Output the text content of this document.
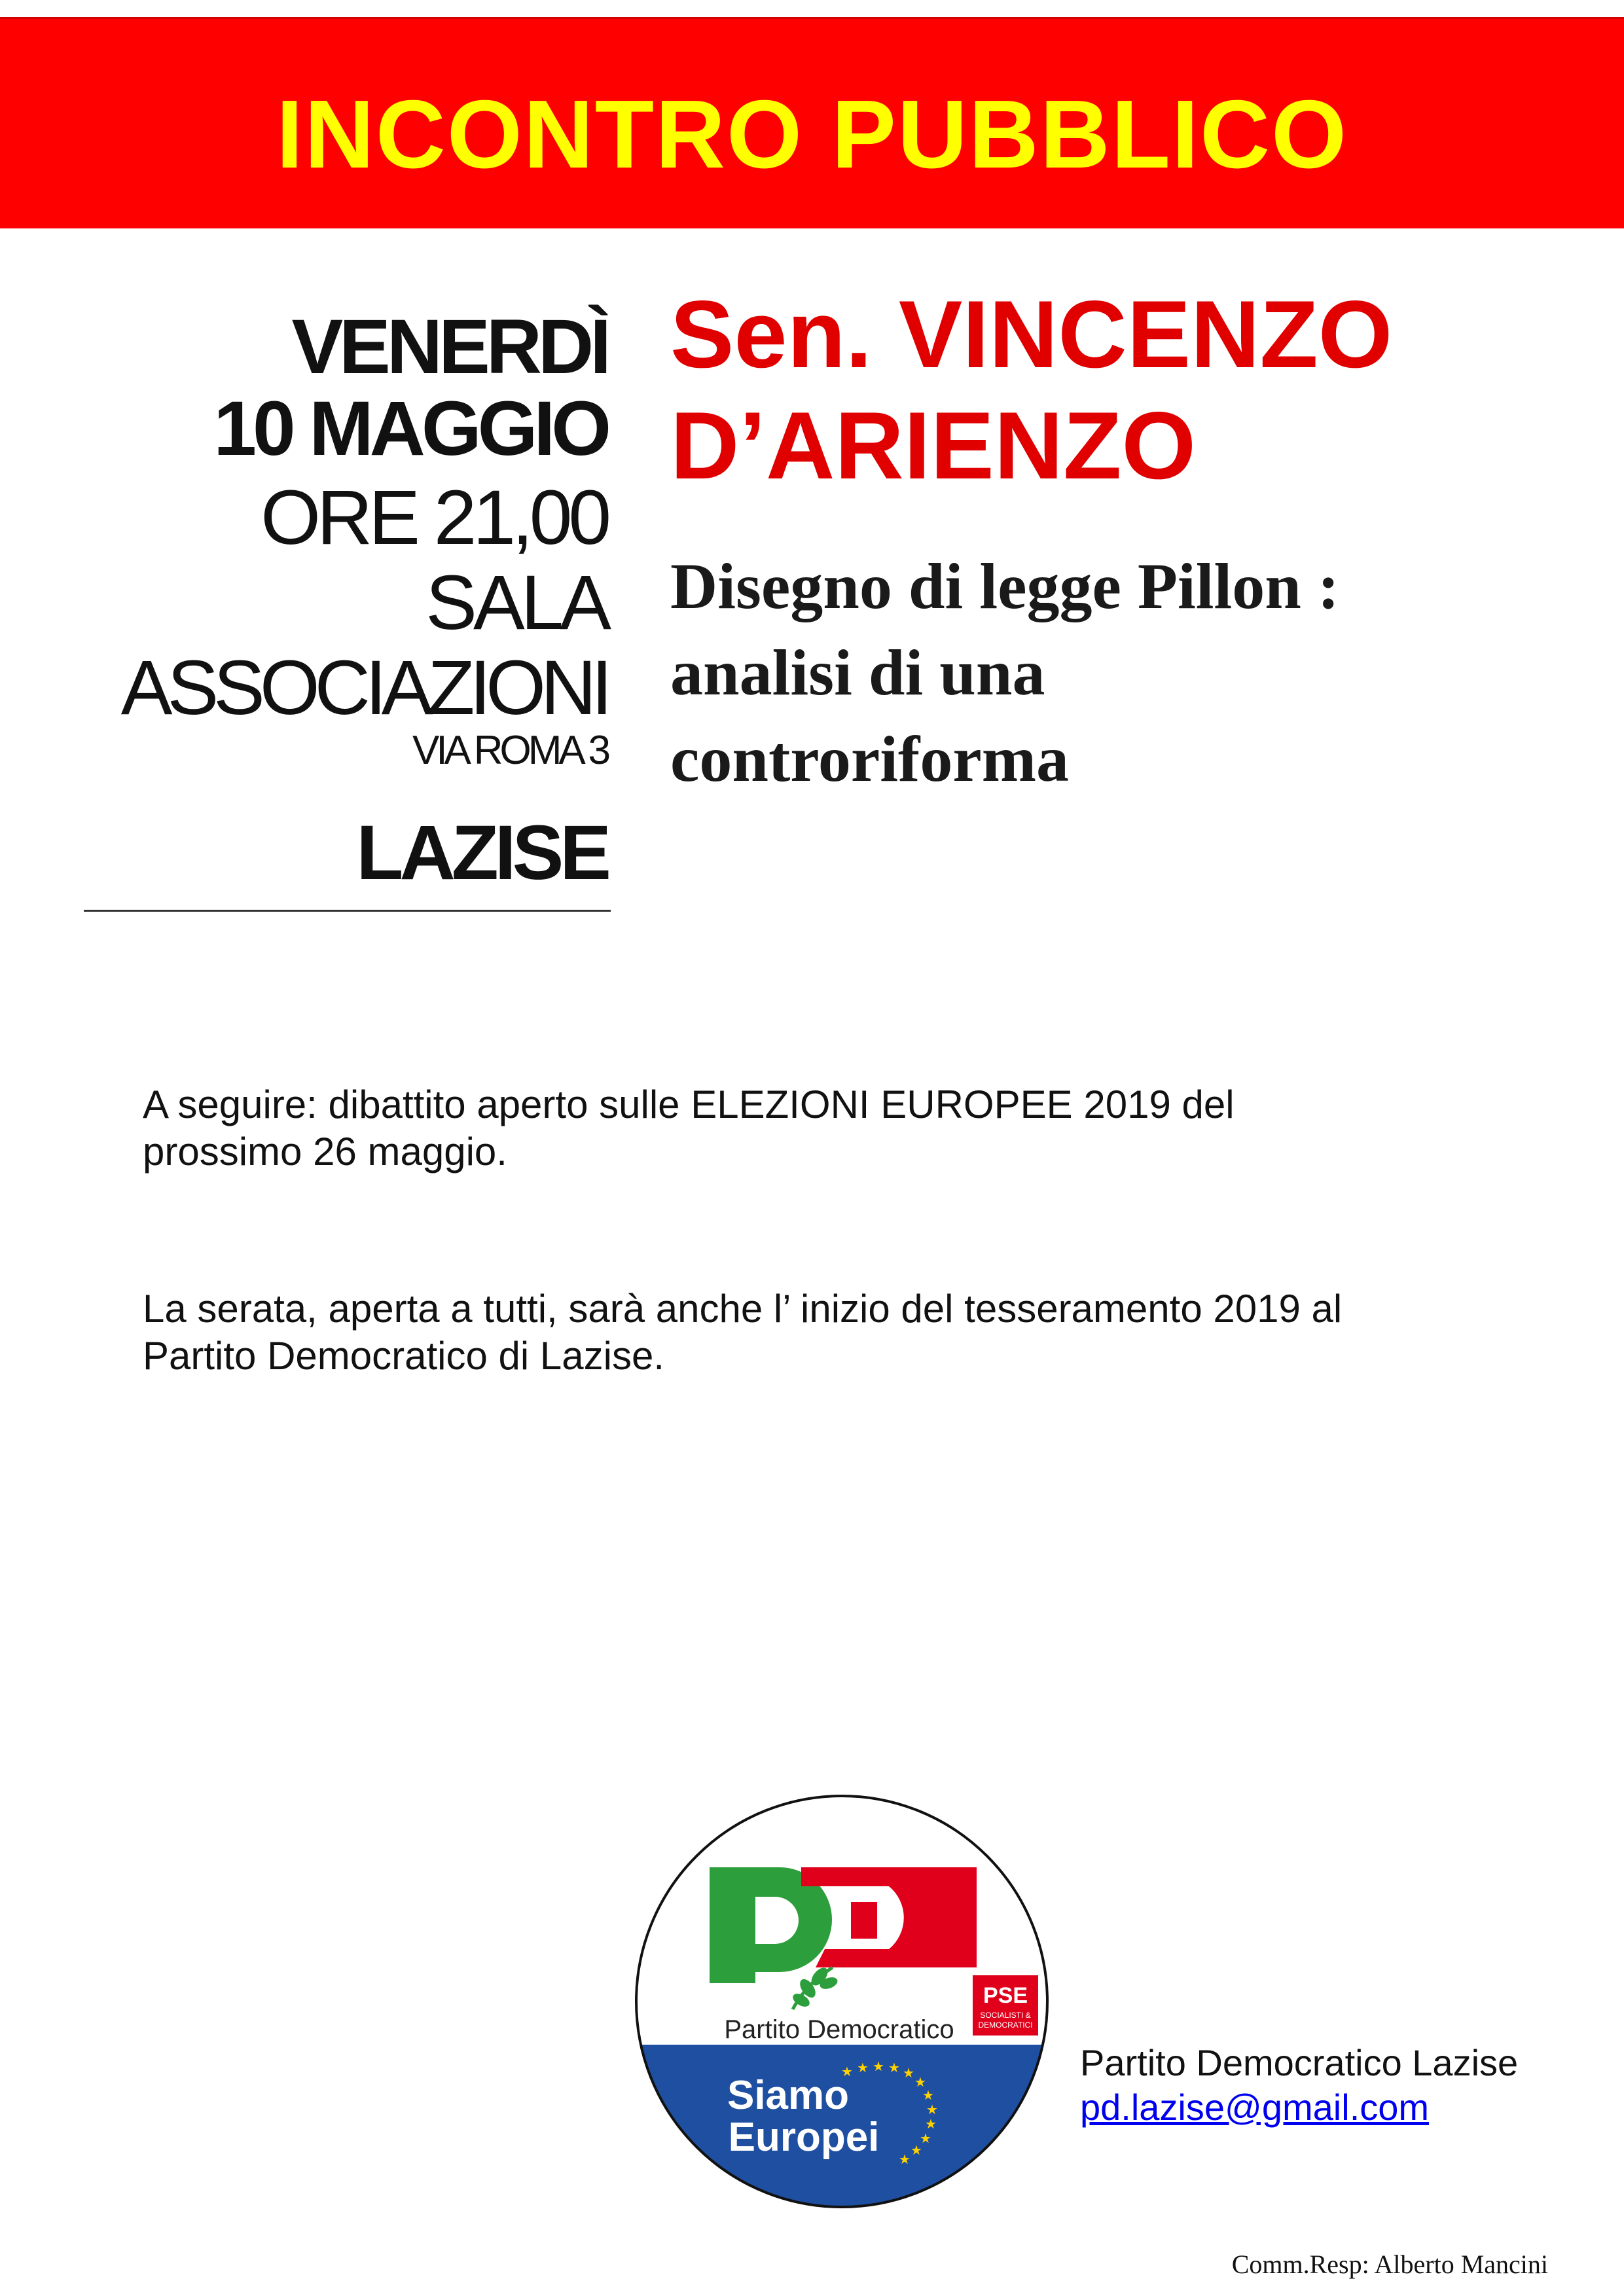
INCONTRO PUBBLICO
VENERDÌ
10 MAGGIO
ORE 21,00
SALA
ASSOCIAZIONI
VIA ROMA 3
LAZISE
Sen. VINCENZO
D’ARIENZO
Disegno di legge Pillon :
analisi di una
controriforma
A seguire: dibattito aperto sulle ELEZIONI EUROPEE 2019 del
prossimo 26 maggio.
La serata, aperta a tutti, sarà anche l’ inizio del tesseramento 2019 al
Partito Democratico di Lazise.
PSE
SOCIALISTI &
DEMOCRATICI
Partito Democratico
Siamo
Europei
★ ★ ★ ★ ★
★
★
★
★
★
★
★
Partito Democratico Lazise
pd.lazise@gmail.com
Comm.Resp: Alberto Mancini
